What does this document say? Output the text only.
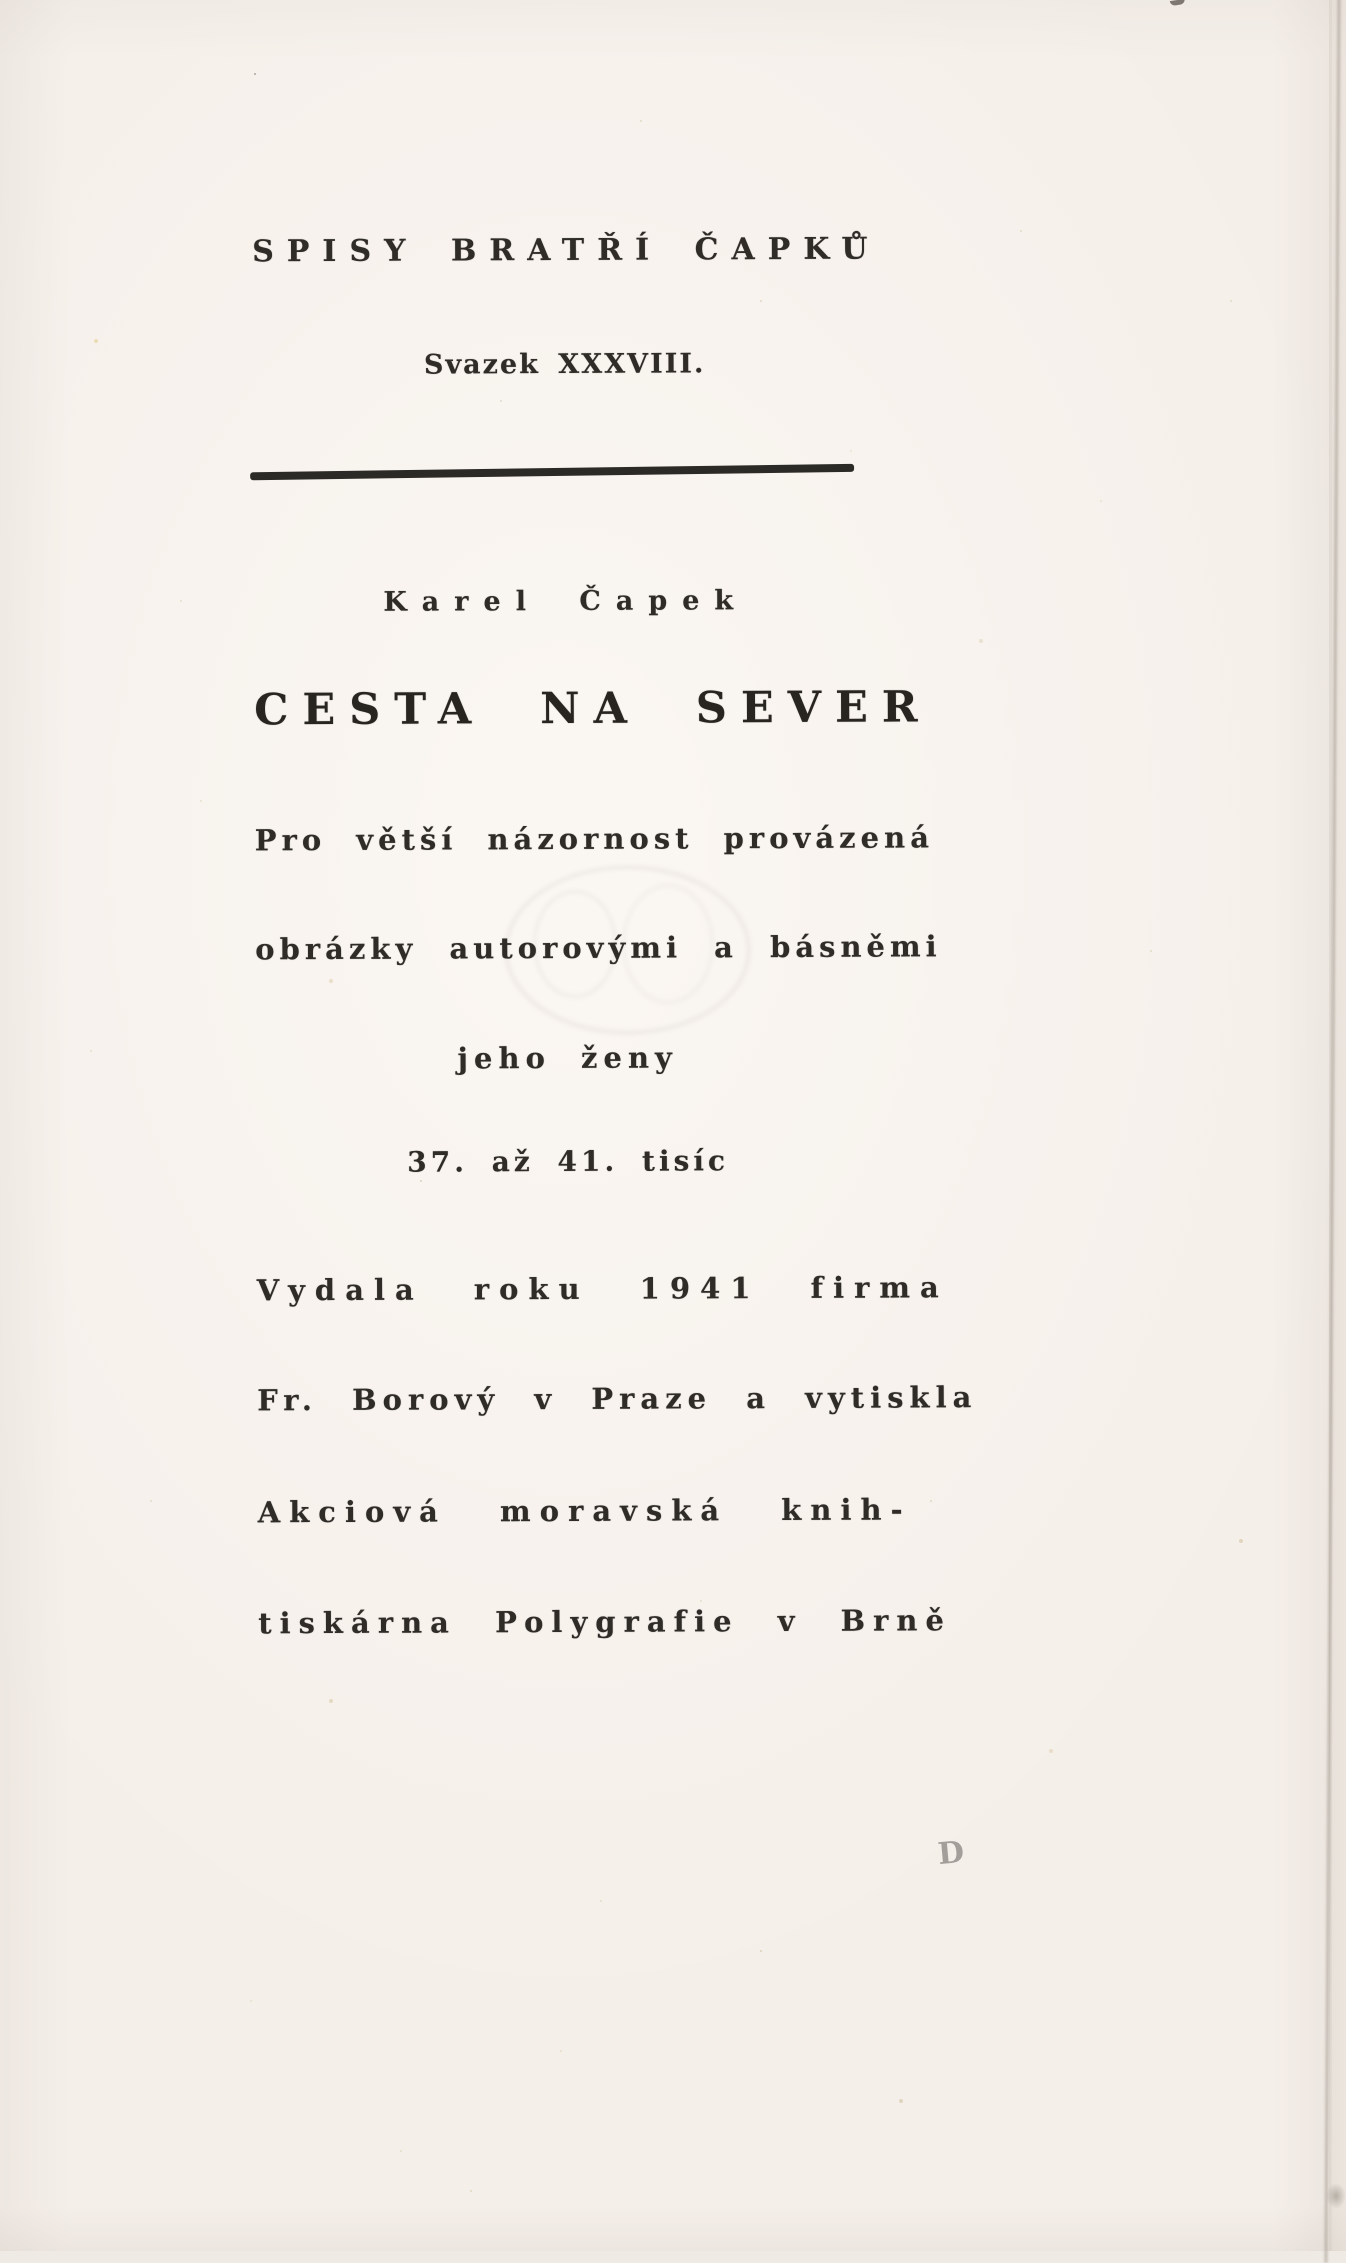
SPISY BRATŘÍ ČAPKŮ
Svazek XXXVIII.
Karel Čapek
CESTA NA SEVER
Pro větší názornost provázená
obrázky autorovými a básněmi
jeho ženy
37. až 41. tisíc
Vydala roku 1941 firma
Fr. Borový v Praze a vytiskla
Akciová moravská knih-
tiskárna Polygrafie v Brně
D
